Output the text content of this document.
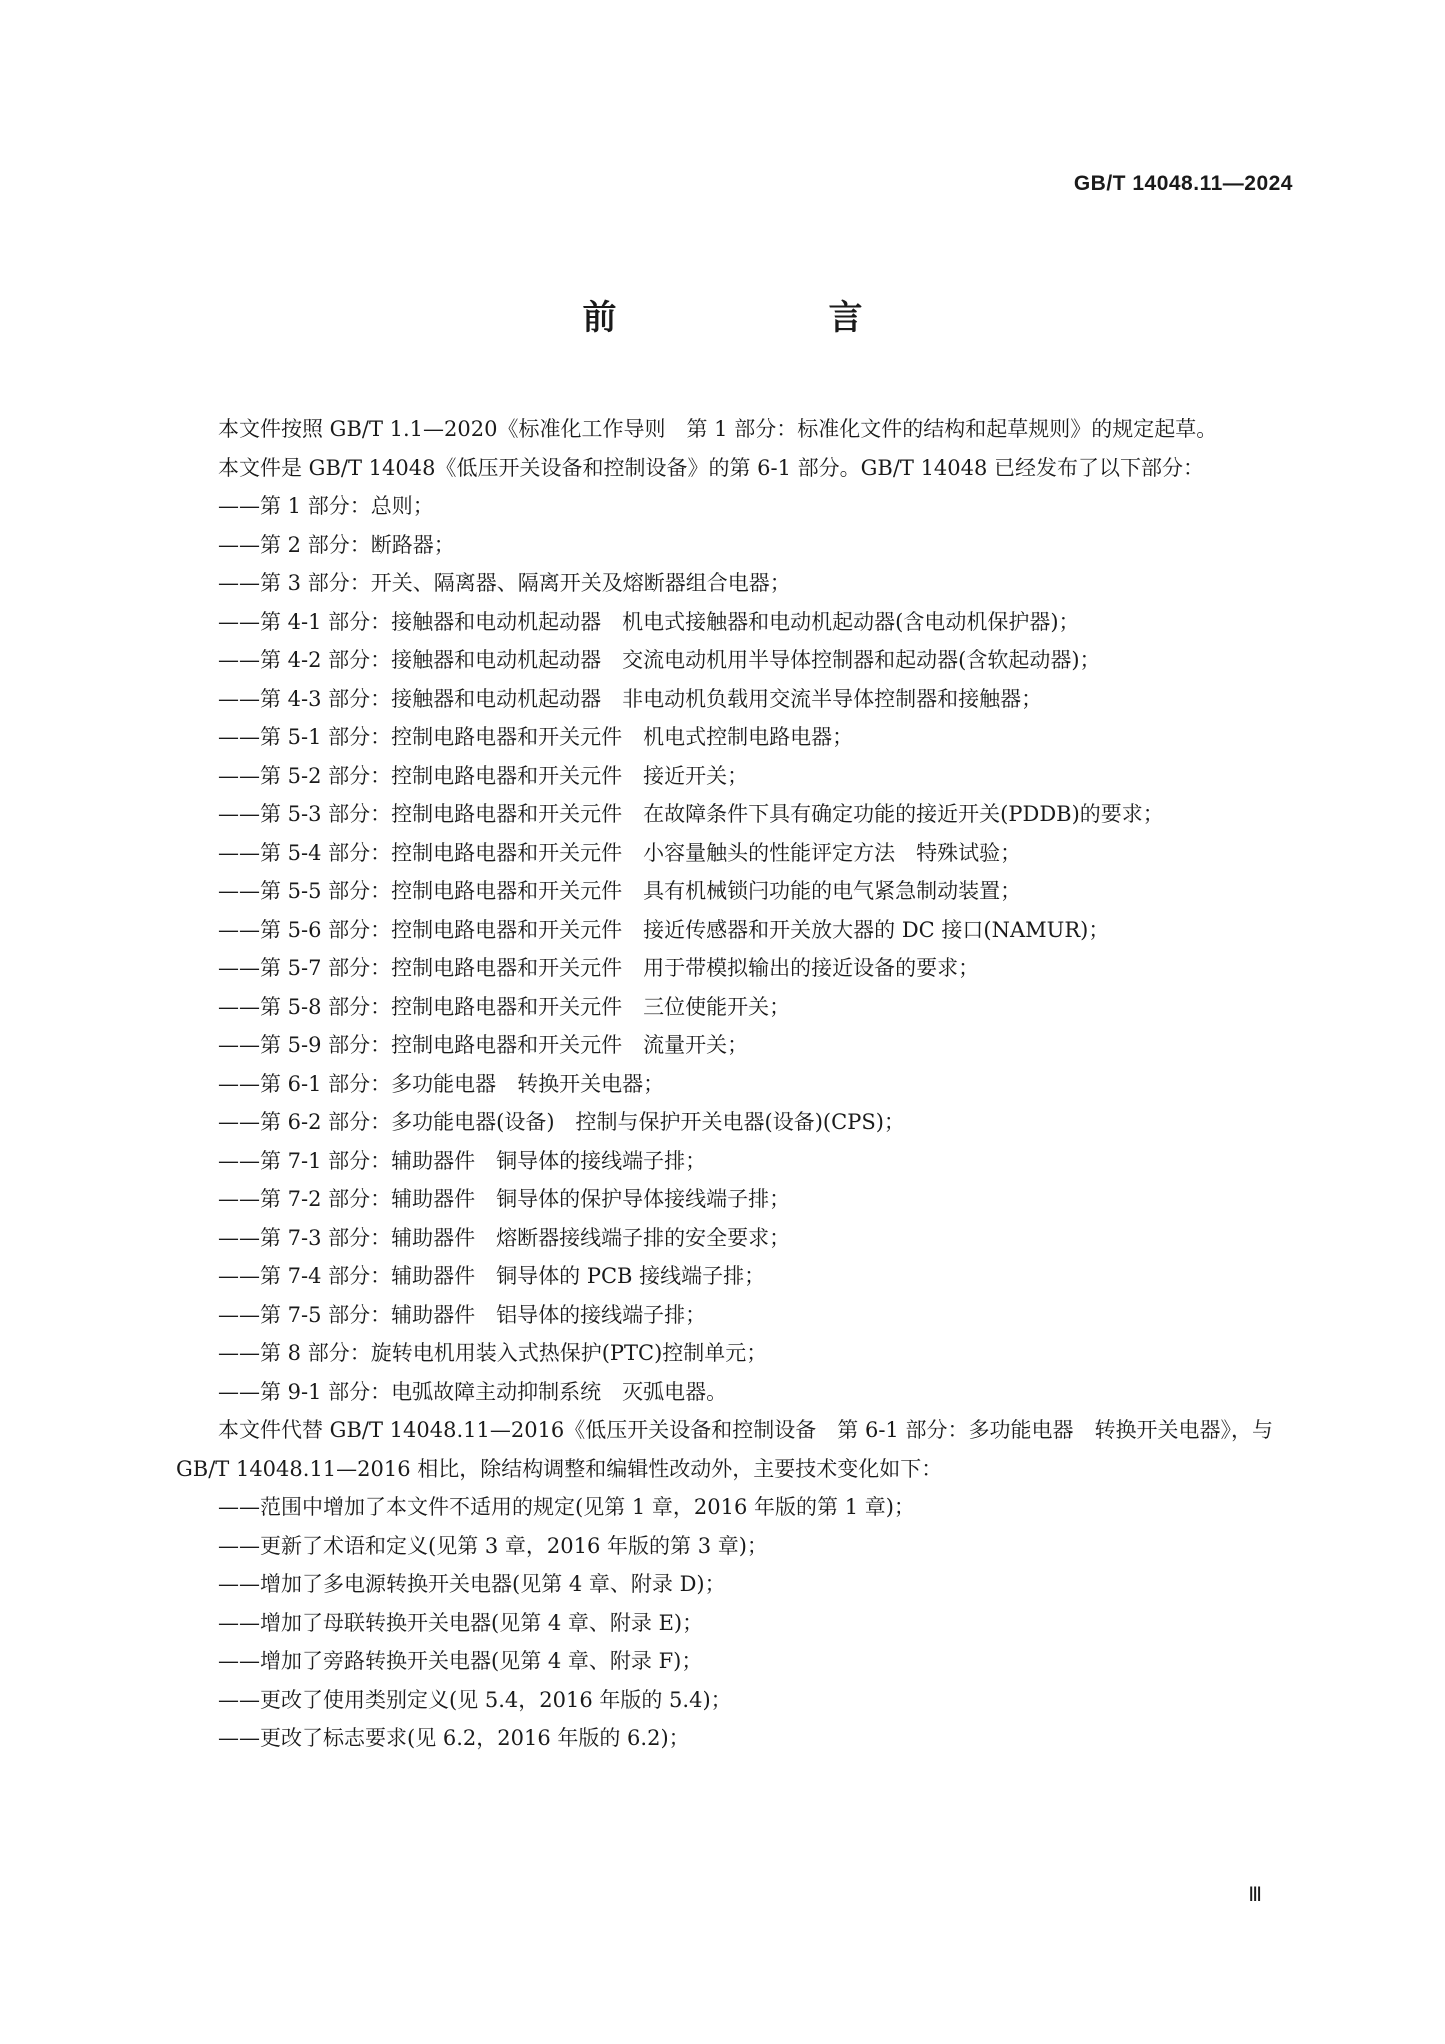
GB/T 14048.11—2024
前　　言

本文件按照 GB/T 1.1—2020《标准化工作导则　第 1 部分：标准化文件的结构和起草规则》的规定起草。

本文件是 GB/T 14048《低压开关设备和控制设备》的第 6-1 部分。GB/T 14048 已经发布了以下部分：

——第 1 部分：总则；

——第 2 部分：断路器；

——第 3 部分：开关、隔离器、隔离开关及熔断器组合电器；

——第 4-1 部分：接触器和电动机起动器　机电式接触器和电动机起动器(含电动机保护器)；

——第 4-2 部分：接触器和电动机起动器　交流电动机用半导体控制器和起动器(含软起动器)；

——第 4-3 部分：接触器和电动机起动器　非电动机负载用交流半导体控制器和接触器；

——第 5-1 部分：控制电路电器和开关元件　机电式控制电路电器；

——第 5-2 部分：控制电路电器和开关元件　接近开关；

——第 5-3 部分：控制电路电器和开关元件　在故障条件下具有确定功能的接近开关(PDDB)的要求；

——第 5-4 部分：控制电路电器和开关元件　小容量触头的性能评定方法　特殊试验；

——第 5-5 部分：控制电路电器和开关元件　具有机械锁闩功能的电气紧急制动装置；

——第 5-6 部分：控制电路电器和开关元件　接近传感器和开关放大器的 DC 接口(NAMUR)；

——第 5-7 部分：控制电路电器和开关元件　用于带模拟输出的接近设备的要求；

——第 5-8 部分：控制电路电器和开关元件　三位使能开关；

——第 5-9 部分：控制电路电器和开关元件　流量开关；

——第 6-1 部分：多功能电器　转换开关电器；

——第 6-2 部分：多功能电器(设备)　控制与保护开关电器(设备)(CPS)；

——第 7-1 部分：辅助器件　铜导体的接线端子排；

——第 7-2 部分：辅助器件　铜导体的保护导体接线端子排；

——第 7-3 部分：辅助器件　熔断器接线端子排的安全要求；

——第 7-4 部分：辅助器件　铜导体的 PCB 接线端子排；

——第 7-5 部分：辅助器件　铝导体的接线端子排；

——第 8 部分：旋转电机用装入式热保护(PTC)控制单元；

——第 9-1 部分：电弧故障主动抑制系统　灭弧电器。

本文件代替 GB/T 14048.11—2016《低压开关设备和控制设备　第 6-1 部分：多功能电器　转换开关电器》，与 GB/T 14048.11—2016 相比，除结构调整和编辑性改动外，主要技术变化如下：

——范围中增加了本文件不适用的规定(见第 1 章，2016 年版的第 1 章)；

——更新了术语和定义(见第 3 章，2016 年版的第 3 章)；

——增加了多电源转换开关电器(见第 4 章、附录 D)；

——增加了母联转换开关电器(见第 4 章、附录 E)；

——增加了旁路转换开关电器(见第 4 章、附录 F)；

——更改了使用类别定义(见 5.4，2016 年版的 5.4)；

——更改了标志要求(见 6.2，2016 年版的 6.2)；

Ⅲ
